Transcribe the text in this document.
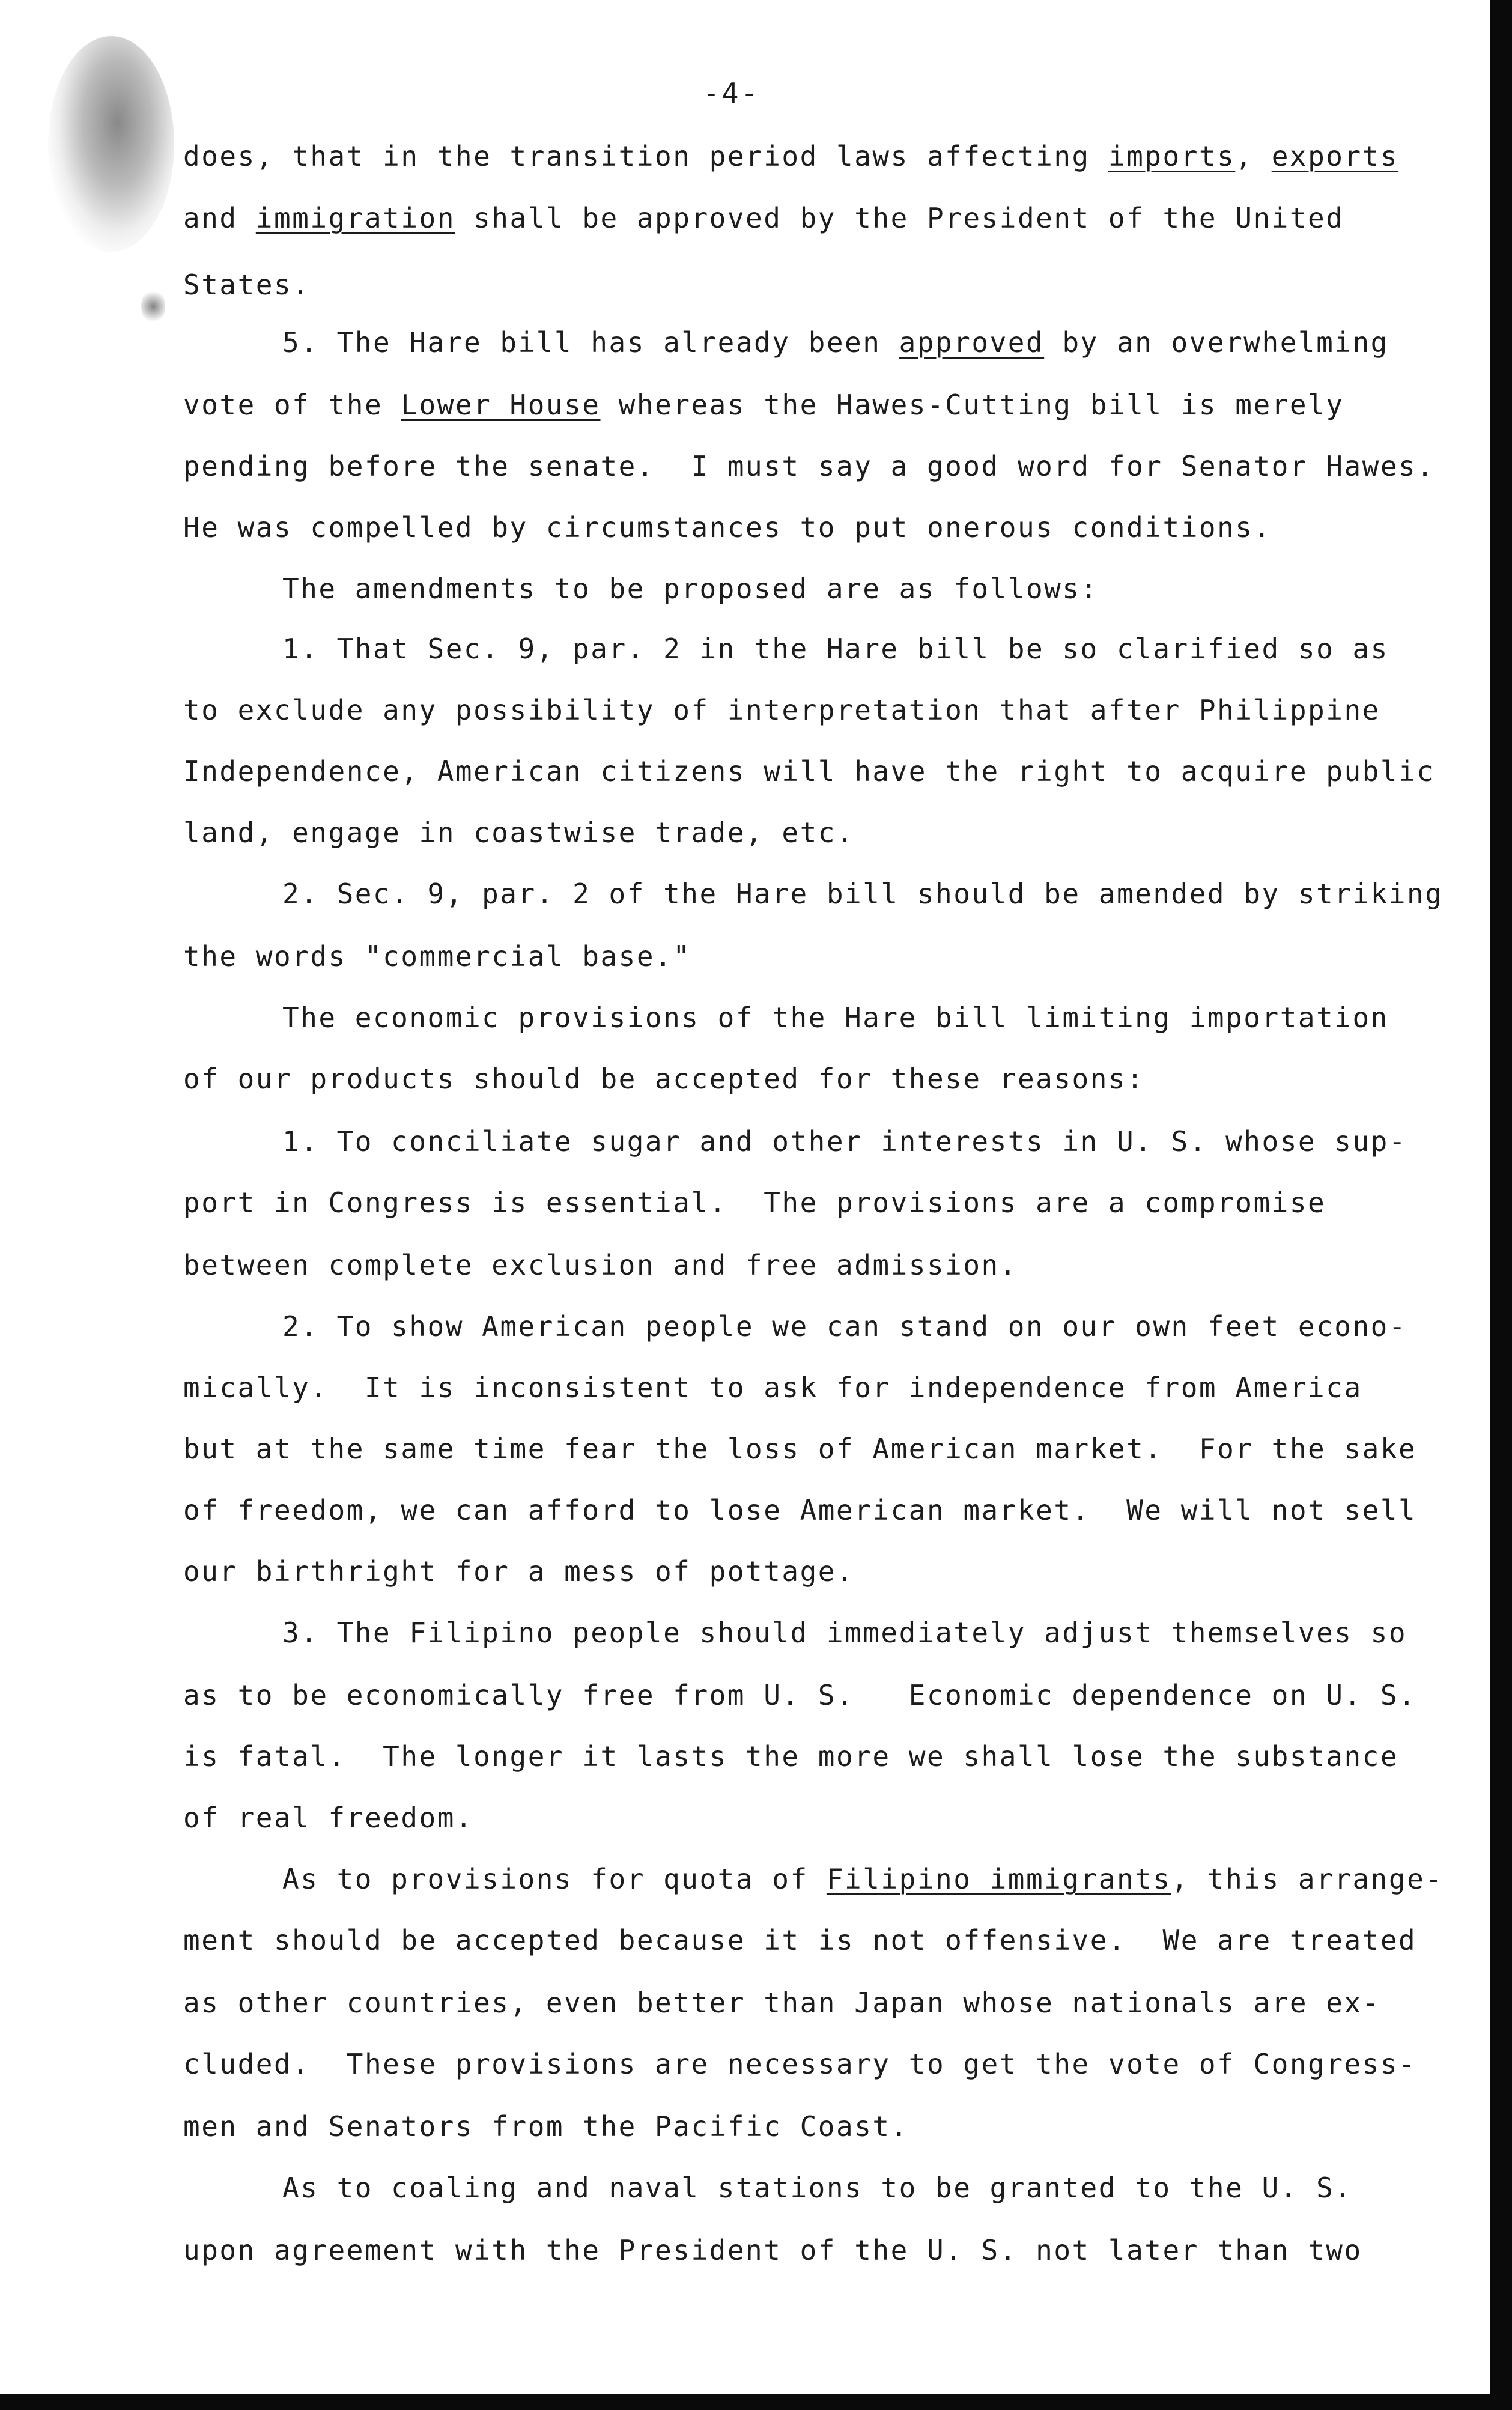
-4-
does, that in the transition period laws affecting imports, exports
and immigration shall be approved by the President of the United
States.
5. The Hare bill has already been approved by an overwhelming
vote of the Lower House whereas the Hawes-Cutting bill is merely
pending before the senate.  I must say a good word for Senator Hawes.
He was compelled by circumstances to put onerous conditions.
The amendments to be proposed are as follows:
1. That Sec. 9, par. 2 in the Hare bill be so clarified so as
to exclude any possibility of interpretation that after Philippine
Independence, American citizens will have the right to acquire public
land, engage in coastwise trade, etc.
2. Sec. 9, par. 2 of the Hare bill should be amended by striking
the words "commercial base."
The economic provisions of the Hare bill limiting importation
of our products should be accepted for these reasons:
1. To conciliate sugar and other interests in U. S. whose sup-
port in Congress is essential.  The provisions are a compromise
between complete exclusion and free admission.
2. To show American people we can stand on our own feet econo-
mically.  It is inconsistent to ask for independence from America
but at the same time fear the loss of American market.  For the sake
of freedom, we can afford to lose American market.  We will not sell
our birthright for a mess of pottage.
3. The Filipino people should immediately adjust themselves so
as to be economically free from U. S.   Economic dependence on U. S.
is fatal.  The longer it lasts the more we shall lose the substance
of real freedom.
As to provisions for quota of Filipino immigrants, this arrange-
ment should be accepted because it is not offensive.  We are treated
as other countries, even better than Japan whose nationals are ex-
cluded.  These provisions are necessary to get the vote of Congress-
men and Senators from the Pacific Coast.
As to coaling and naval stations to be granted to the U. S.
upon agreement with the President of the U. S. not later than two
